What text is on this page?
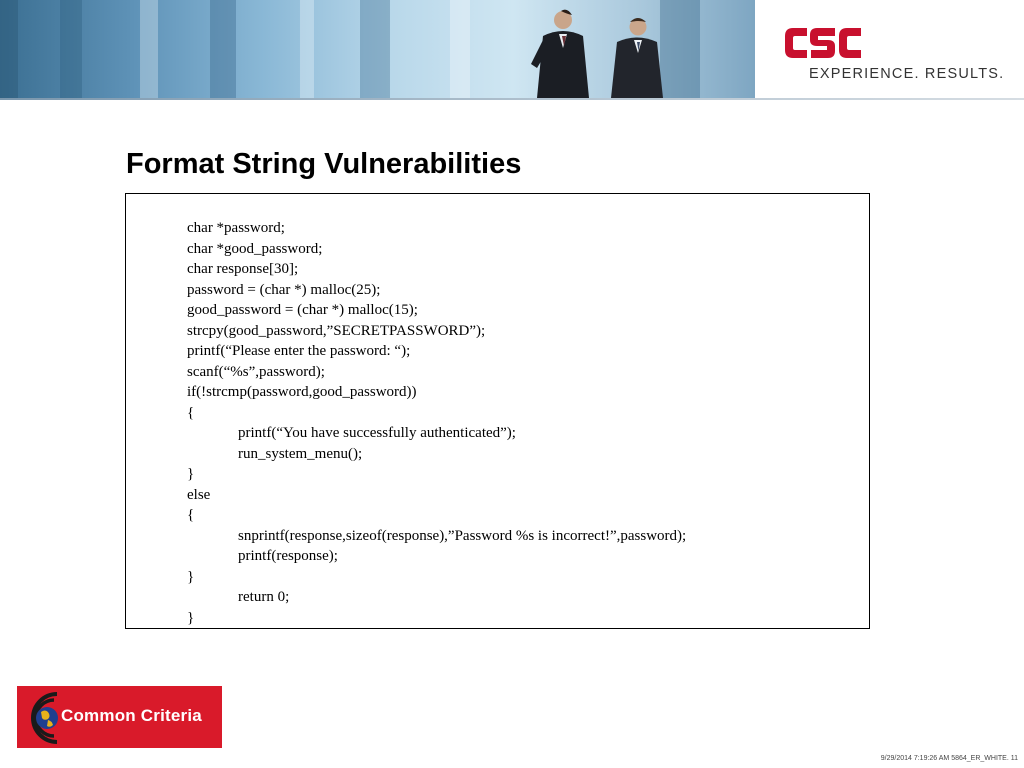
EXPERIENCE. RESULTS.
Format String Vulnerabilities
char *password;
char *good_password;
char response[30];
password = (char *) malloc(25);
good_password = (char *) malloc(15);
strcpy(good_password,”SECRETPASSWORD”);
printf(“Please enter the password: “);
scanf(“%s”,password);
if(!strcmp(password,good_password))
{
printf(“You have successfully authenticated”);
run_system_menu();
}
else
{
snprintf(response,sizeof(response),”Password %s is incorrect!”,password);
printf(response);
}
return 0;
}
Common Criteria
9/29/2014 7:19:26 AM 5864_ER_WHITE. 11
